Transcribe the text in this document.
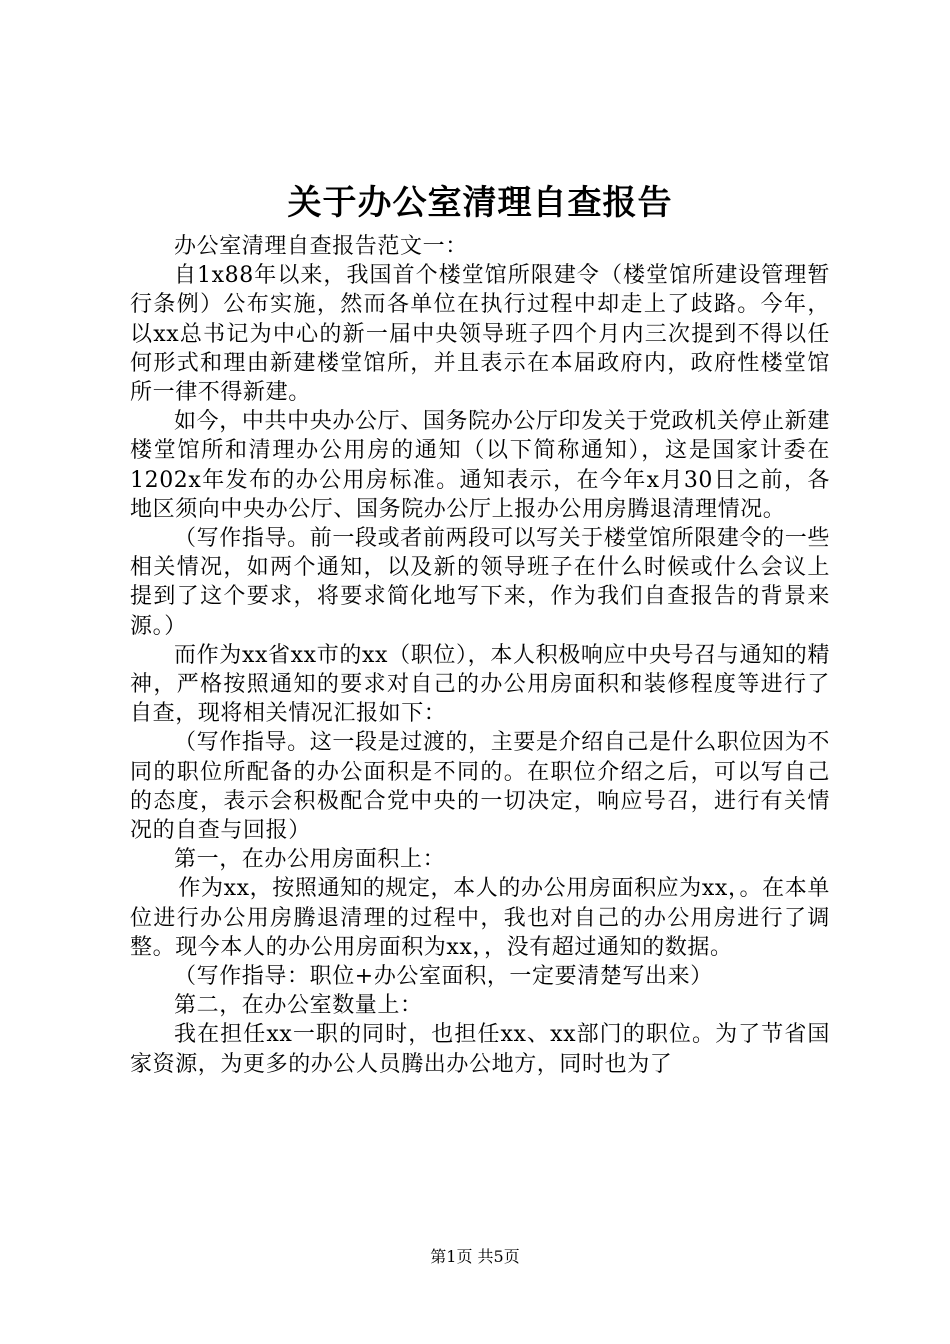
关于办公室清理自查报告

办公室清理自查报告范文一：

自1x88年以来，我国首个楼堂馆所限建令（楼堂馆所建设管理暂行条例）公布实施，然而各单位在执行过程中却走上了歧路。今年，以xx总书记为中心的新一届中央领导班子四个月内三次提到不得以任何形式和理由新建楼堂馆所，并且表示在本届政府内，政府性楼堂馆所一律不得新建。

如今，中共中央办公厅、国务院办公厅印发关于党政机关停止新建楼堂馆所和清理办公用房的通知（以下简称通知），这是国家计委在1202x年发布的办公用房标准。通知表示，在今年x月30日之前，各地区须向中央办公厅、国务院办公厅上报办公用房腾退清理情况。

（写作指导。前一段或者前两段可以写关于楼堂馆所限建令的一些相关情况，如两个通知，以及新的领导班子在什么时候或什么会议上提到了这个要求，将要求简化地写下来，作为我们自查报告的背景来源。）

而作为xx省xx市的xx（职位），本人积极响应中央号召与通知的精神，严格按照通知的要求对自己的办公用房面积和装修程度等进行了自查，现将相关情况汇报如下：

（写作指导。这一段是过渡的，主要是介绍自己是什么职位因为不同的职位所配备的办公面积是不同的。在职位介绍之后，可以写自己的态度，表示会积极配合党中央的一切决定，响应号召，进行有关情况的自查与回报）

第一，在办公用房面积上：

作为xx，按照通知的规定，本人的办公用房面积应为xx，。在本单位进行办公用房腾退清理的过程中，我也对自己的办公用房进行了调整。现今本人的办公用房面积为xx，，没有超过通知的数据。

（写作指导：职位+办公室面积，一定要清楚写出来）

第二，在办公室数量上：

我在担任xx一职的同时，也担任xx、xx部门的职位。为了节省国家资源，为更多的办公人员腾出办公地方，同时也为了

第1页 共5页
